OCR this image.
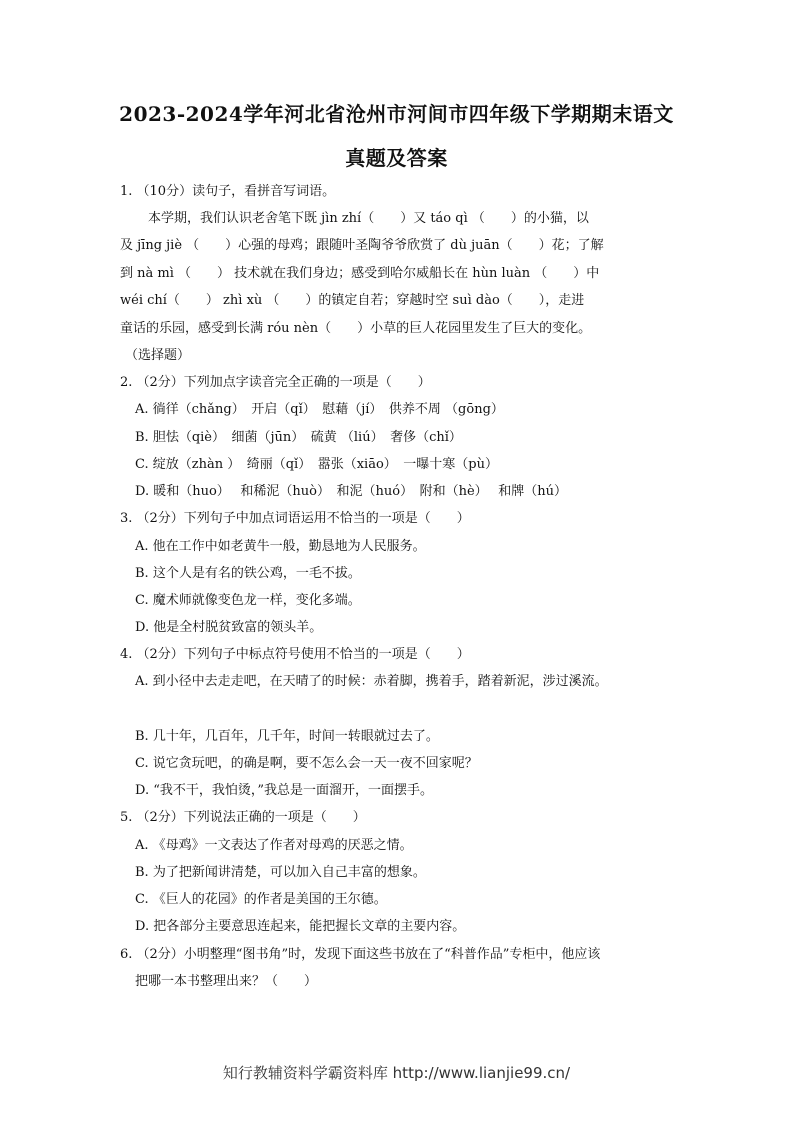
2023-2024学年河北省沧州市河间市四年级下学期期末语文
真题及答案
1. （10分）读句子，看拼音写词语。
本学期，我们认识老舍笔下既 jìn zhí（　　）又 táo qì （　　）的小猫，以
及 jīng jiè （　　）心强的母鸡；跟随叶圣陶爷爷欣赏了 dù juān（　　）花；了解
到 nà mì （　　） 技术就在我们身边；感受到哈尔威船长在 hùn luàn （　　）中
wéi chí（　　） zhì xù （　　）的镇定自若；穿越时空 suì dào（　　），走进
童话的乐园，感受到长满 róu nèn（　　）小草的巨人花园里发生了巨大的变化。
（选择题）
2. （2分）下列加点字读音完全正确的一项是（　　）
A. 徜徉（chǎng）　开启（qǐ）　慰藉（jí）　供养不周 （gōng）
B. 胆怯（qiè）　细菌（jūn）　硫黄 （liú）　奢侈（chǐ）
C. 绽放（zhàn ）　绮丽（qǐ）　嚣张（xiāo）　一曝十寒（pù）
D. 暖和（huo）　 和稀泥（huò）　和泥（huó）　附和（hè）　 和牌（hú）
3. （2分）下列句子中加点词语运用不恰当的一项是（　　）
A. 他在工作中如老黄牛一般，勤恳地为人民服务。
B. 这个人是有名的铁公鸡，一毛不拔。
C. 魔术师就像变色龙一样，变化多端。
D. 他是全村脱贫致富的领头羊。
4. （2分）下列句子中标点符号使用不恰当的一项是（　　）
A. 到小径中去走走吧，在天晴了的时候：赤着脚，携着手，踏着新泥，涉过溪流。
B. 几十年，几百年，几千年，时间一转眼就过去了。
C. 说它贪玩吧，的确是啊，要不怎么会一天一夜不回家呢？
D. “我不干，我怕烫，”我总是一面溜开，一面摆手。
5. （2分）下列说法正确的一项是（　　）
A. 《母鸡》一文表达了作者对母鸡的厌恶之情。
B. 为了把新闻讲清楚，可以加入自己丰富的想象。
C. 《巨人的花园》的作者是美国的王尔德。
D. 把各部分主要意思连起来，能把握长文章的主要内容。
6. （2分）小明整理“图书角”时，发现下面这些书放在了“科普作品”专柜中，他应该
把哪一本书整理出来？（　　）
知行教辅资料学霸资料库 http://www.lianjie99.cn/
